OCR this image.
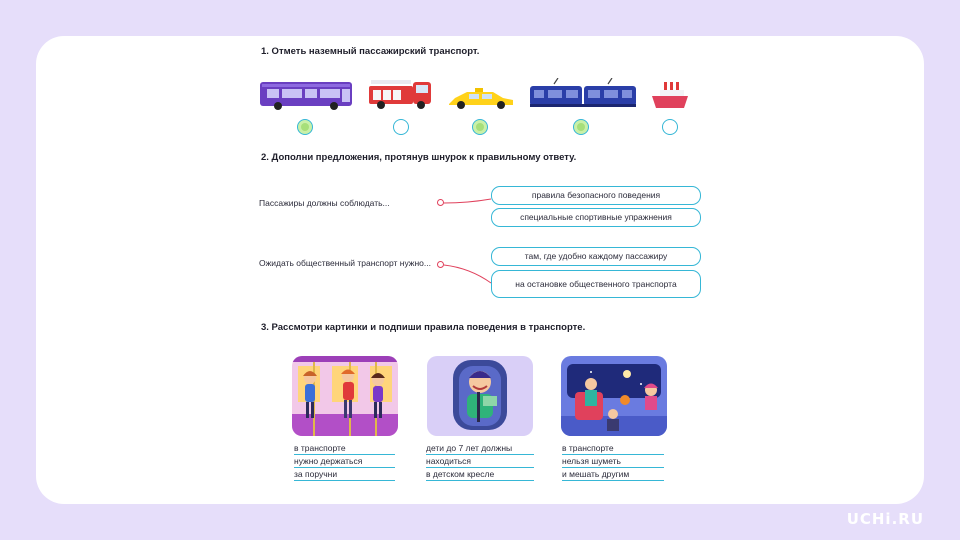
1. Отметь наземный пассажирский транспорт.
2. Дополни предложения, протянув шнурок к правильному ответу.
Пассажиры должны соблюдать...
правила безопасного поведения
специальные спортивные упражнения
Ожидать общественный транспорт нужно...
там, где удобно каждому пассажиру
на остановке общественного транспорта
3. Рассмотри картинки и подпиши правила поведения в транспорте.
в транспорте
нужно держаться
за поручни
дети до 7 лет должны
находиться
в детском кресле
в транспорте
нельзя шуметь
и мешать другим
UCHi.RU
